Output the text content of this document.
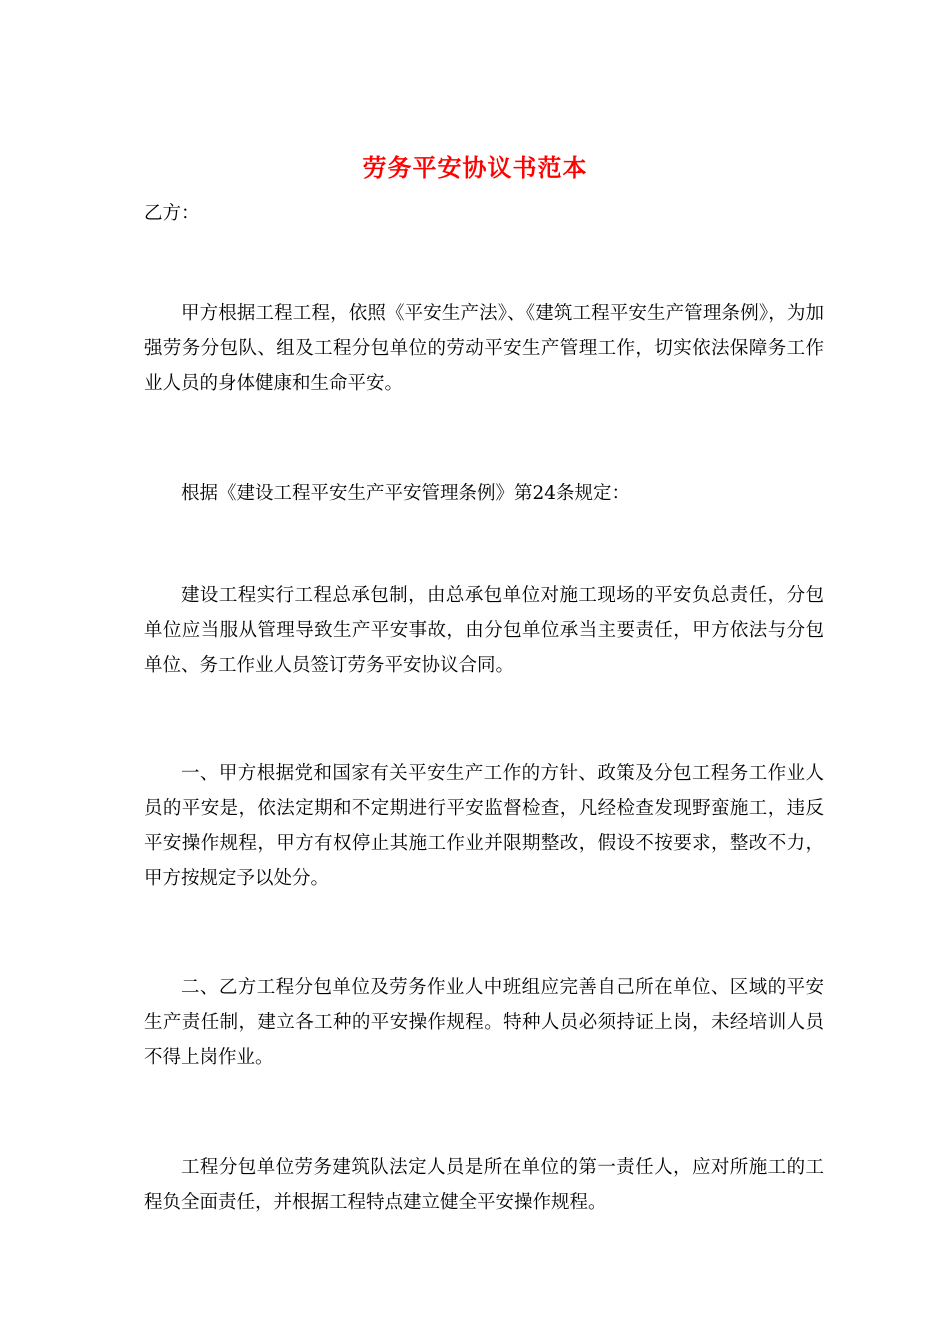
劳务平安协议书范本
乙方：
甲方根据工程工程，依照《平安生产法》、《建筑工程平安生产管理条例》，为加强劳务分包队、组及工程分包单位的劳动平安生产管理工作，切实依法保障务工作业人员的身体健康和生命平安。
根据《建设工程平安生产平安管理条例》第24条规定：
建设工程实行工程总承包制，由总承包单位对施工现场的平安负总责任，分包单位应当服从管理导致生产平安事故，由分包单位承当主要责任，甲方依法与分包单位、务工作业人员签订劳务平安协议合同。
一、甲方根据党和国家有关平安生产工作的方针、政策及分包工程务工作业人员的平安是，依法定期和不定期进行平安监督检查，凡经检查发现野蛮施工，违反平安操作规程，甲方有权停止其施工作业并限期整改，假设不按要求，整改不力，甲方按规定予以处分。
二、乙方工程分包单位及劳务作业人中班组应完善自己所在单位、区域的平安生产责任制，建立各工种的平安操作规程。特种人员必须持证上岗，未经培训人员不得上岗作业。
工程分包单位劳务建筑队法定人员是所在单位的第一责任人，应对所施工的工程负全面责任，并根据工程特点建立健全平安操作规程。
